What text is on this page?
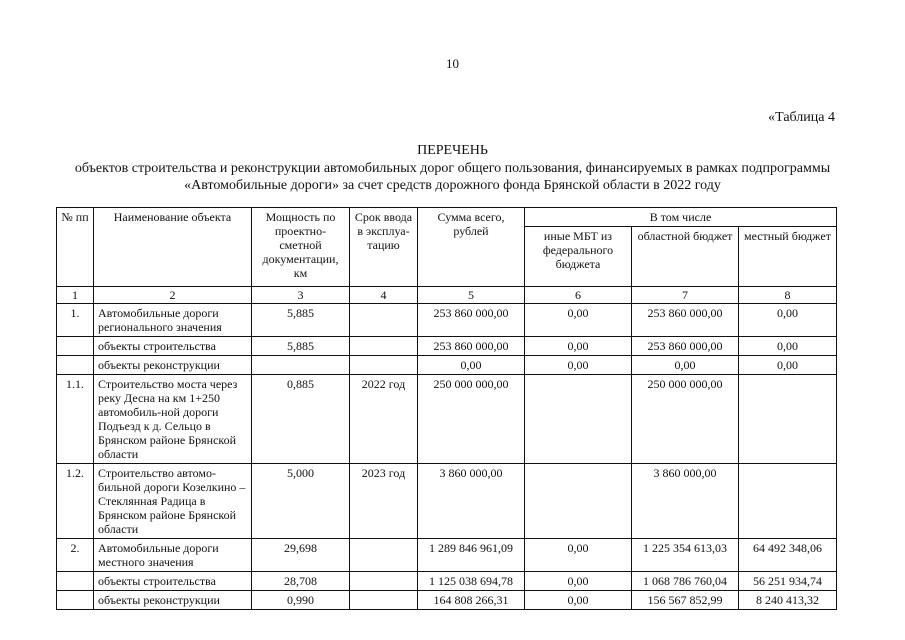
10
«Таблица 4
ПЕРЕЧЕНЬ
объектов строительства и реконструкции автомобильных дорог общего пользования, финансируемых в рамках подпрограммы «Автомобильные дороги» за счет средств дорожного фонда Брянской области в 2022 году
№ пп	Наименование объекта	Мощность по проектно-сметной документации, км	Срок ввода в эксплуа-тацию	Сумма всего, рублей	В том числе		
					иные МБТ из федерального бюджета	областной бюджет	местный бюджет
1	2	3	4	5	6	7	8
1.	Автомобильные дороги регионального значения	5,885		253 860 000,00	0,00	253 860 000,00	0,00
	объекты строительства	5,885		253 860 000,00	0,00	253 860 000,00	0,00
	объекты реконструкции			0,00	0,00	0,00	0,00
1.1.	Строительство моста через реку Десна на км 1+250 автомобиль-ной дороги Подъезд к д. Сельцо в Брянском районе Брянской области	0,885	2022 год	250 000 000,00		250 000 000,00	
1.2.	Строительство автомо-бильной дороги Козелкино – Стеклянная Радица в Брянском районе Брянской области	5,000	2023 год	3 860 000,00		3 860 000,00	
2.	Автомобильные дороги местного значения	29,698		1 289 846 961,09	0,00	1 225 354 613,03	64 492 348,06
	объекты строительства	28,708		1 125 038 694,78	0,00	1 068 786 760,04	56 251 934,74
	объекты реконструкции	0,990		164 808 266,31	0,00	156 567 852,99	8 240 413,32
